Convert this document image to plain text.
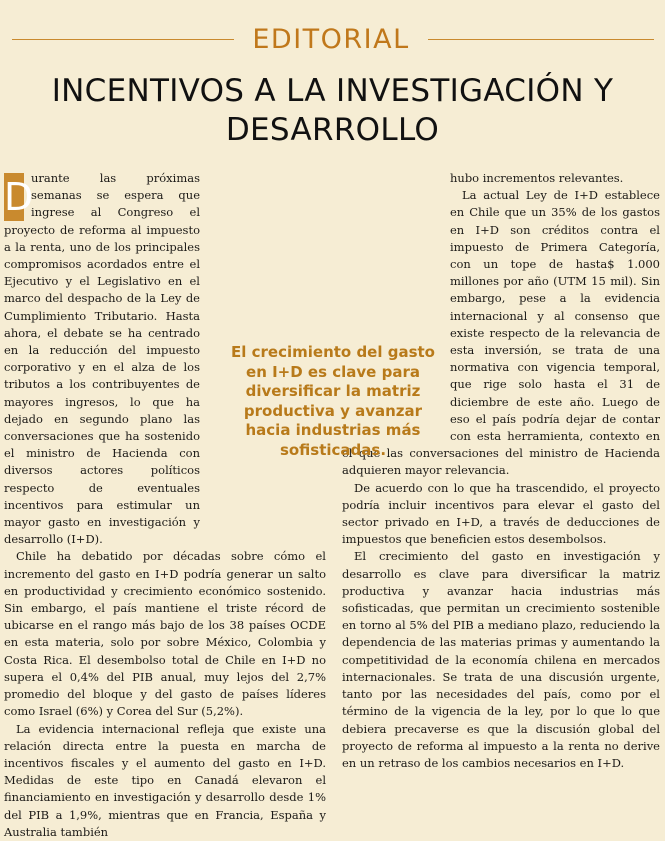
EDITORIAL
INCENTIVOS A LA INVESTIGACIÓN Y DESARROLLO
D

urante las próximas semanas se espera que ingrese al Congreso el proyecto de reforma al impuesto a la renta, uno de los principales compromisos acordados entre el Ejecutivo y el Legislativo en el marco del despacho de la Ley de Cumplimiento Tributario. Hasta ahora, el debate se ha centrado en la reducción del impuesto corporativo y en el alza de los tributos a los contribuyentes de mayores ingresos, lo que ha dejado en segundo plano las conversaciones que ha sostenido el ministro de Hacienda con diversos actores políticos respecto de eventuales incentivos para estimular un mayor gasto en investigación y desarrollo (I+D).

Chile ha debatido por décadas sobre cómo el incremento del gasto en I+D podría generar un salto en productividad y crecimiento económico sostenido. Sin embargo, el país mantiene el triste récord de ubicarse en el rango más bajo de los 38 países OCDE en esta materia, solo por sobre México, Colombia y Costa Rica. El desembolso total de Chile en I+D no supera el 0,4% del PIB anual, muy lejos del 2,7% promedio del bloque y del gasto de países líderes como Israel (6%) y Corea del Sur (5,2%).

La evidencia internacional refleja que existe una relación directa entre la puesta en marcha de incentivos fiscales y el aumento del gasto en I+D. Medidas de este tipo en Canadá elevaron el financiamiento en investigación y desarrollo desde 1% del PIB a 1,9%, mientras que en Francia, España y Australia también

hubo incrementos relevantes.

La actual Ley de I+D establece en Chile que un 35% de los gastos en I+D son créditos contra el impuesto de Primera Categoría, con un tope de hasta$ 1.000 millones por año (UTM 15 mil). Sin embargo, pese a la evidencia internacional y al consenso que existe respecto de la relevancia de esta inversión, se trata de una normativa con vigencia temporal, que rige solo hasta el 31 de diciembre de este año. Luego de eso el país podría dejar de contar con esta herramienta, contexto en el que las conversaciones del ministro de Hacienda adquieren mayor relevancia.

De acuerdo con lo que ha trascendido, el proyecto podría incluir incentivos para elevar el gasto del sector privado en I+D, a través de deducciones de impuestos que beneficien estos desembolsos.

El crecimiento del gasto en investigación y desarrollo es clave para diversificar la matriz productiva y avanzar hacia industrias más sofisticadas, que permitan un crecimiento sostenible en torno al 5% del PIB a mediano plazo, reduciendo la dependencia de las materias primas y aumentando la competitividad de la economía chilena en mercados internacionales. Se trata de una discusión urgente, tanto por las necesidades del país, como por el término de la vigencia de la ley, por lo que lo que debiera precaverse es que la discusión global del proyecto de reforma al impuesto a la renta no derive en un retraso de los cambios necesarios en I+D.

El crecimiento del gasto en I+D es clave para diversificar la matriz productiva y avanzar hacia industrias más sofisticadas.
